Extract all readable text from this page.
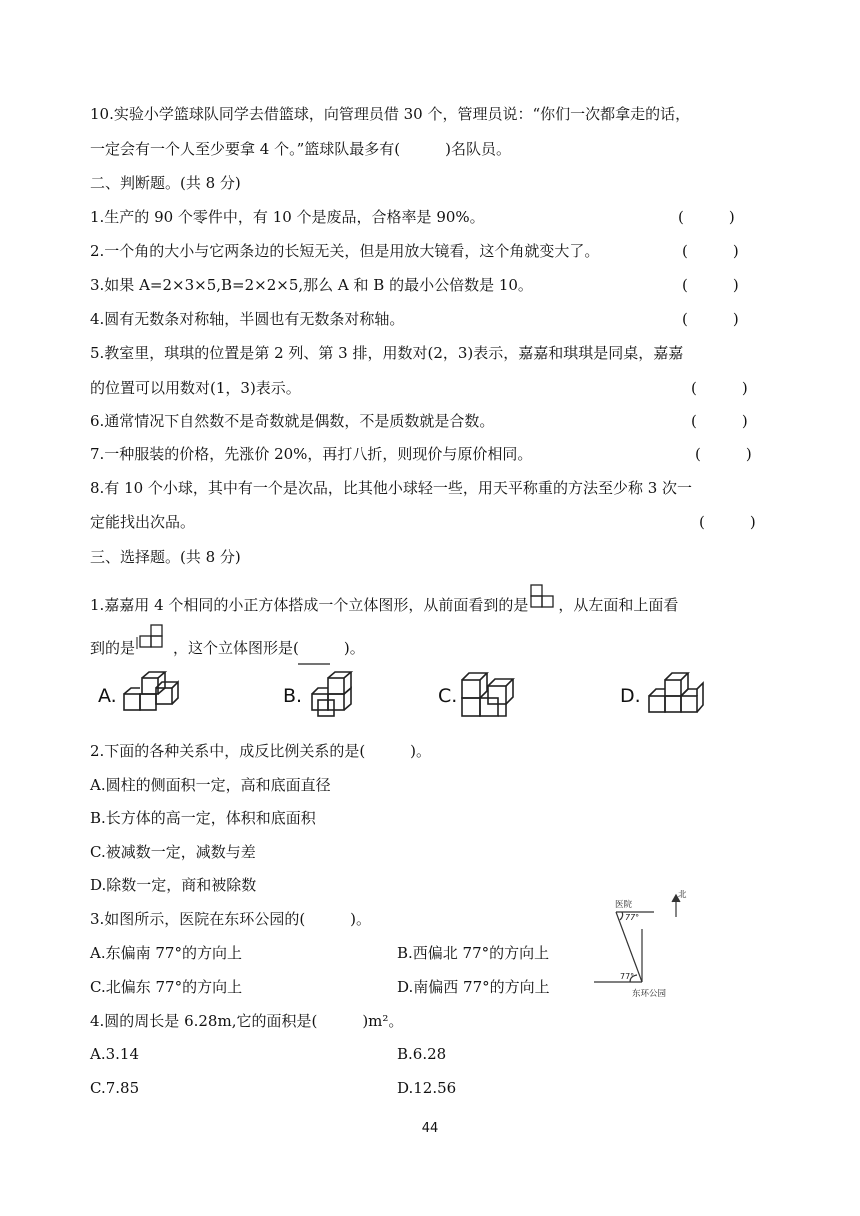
10.实验小学篮球队同学去借篮球，向管理员借 30 个，管理员说：“你们一次都拿走的话，
一定会有一个人至少要拿 4 个。”篮球队最多有(　　　)名队员。
二、判断题。(共 8 分)
1.生产的 90 个零件中，有 10 个是废品，合格率是 90%。	(　　　)
2.一个角的大小与它两条边的长短无关，但是用放大镜看，这个角就变大了。	(　　　)
3.如果 A=2×3×5,B=2×2×5,那么 A 和 B 的最小公倍数是 10。	(　　　)
4.圆有无数条对称轴，半圆也有无数条对称轴。	(　　　)
5.教室里，琪琪的位置是第 2 列、第 3 排，用数对(2，3)表示，嘉嘉和琪琪是同桌，嘉嘉
的位置可以用数对(1，3)表示。	(　　　)
6.通常情况下自然数不是奇数就是偶数，不是质数就是合数。	(　　　)
7.一种服装的价格，先涨价 20%，再打八折，则现价与原价相同。	(　　　)
8.有 10 个小球，其中有一个是次品，比其他小球轻一些，用天平称重的方法至少称 3 次一
定能找出次品。	(　　　)
三、选择题。(共 8 分)
1.嘉嘉用 4 个相同的小正方体搭成一个立体图形，从前面看到的是 ，从左面和上面看
到的是	，这个立体图形是(　　　)。
A.	B.	C.	D.
2.下面的各种关系中，成反比例关系的是(　　　)。
A.圆柱的侧面积一定，高和底面直径
B.长方体的高一定，体积和底面积
C.被减数一定，减数与差
D.除数一定，商和被除数
3.如图所示，医院在东环公园的(　　　)。
A.东偏南 77°的方向上	B.西偏北 77°的方向上
C.北偏东 77°的方向上	D.南偏西 77°的方向上
医院
北
77°
77°
东环公园
4.圆的周长是 6.28m,它的面积是(　　　)m²。
A.3.14	B.6.28
C.7.85	D.12.56
44
